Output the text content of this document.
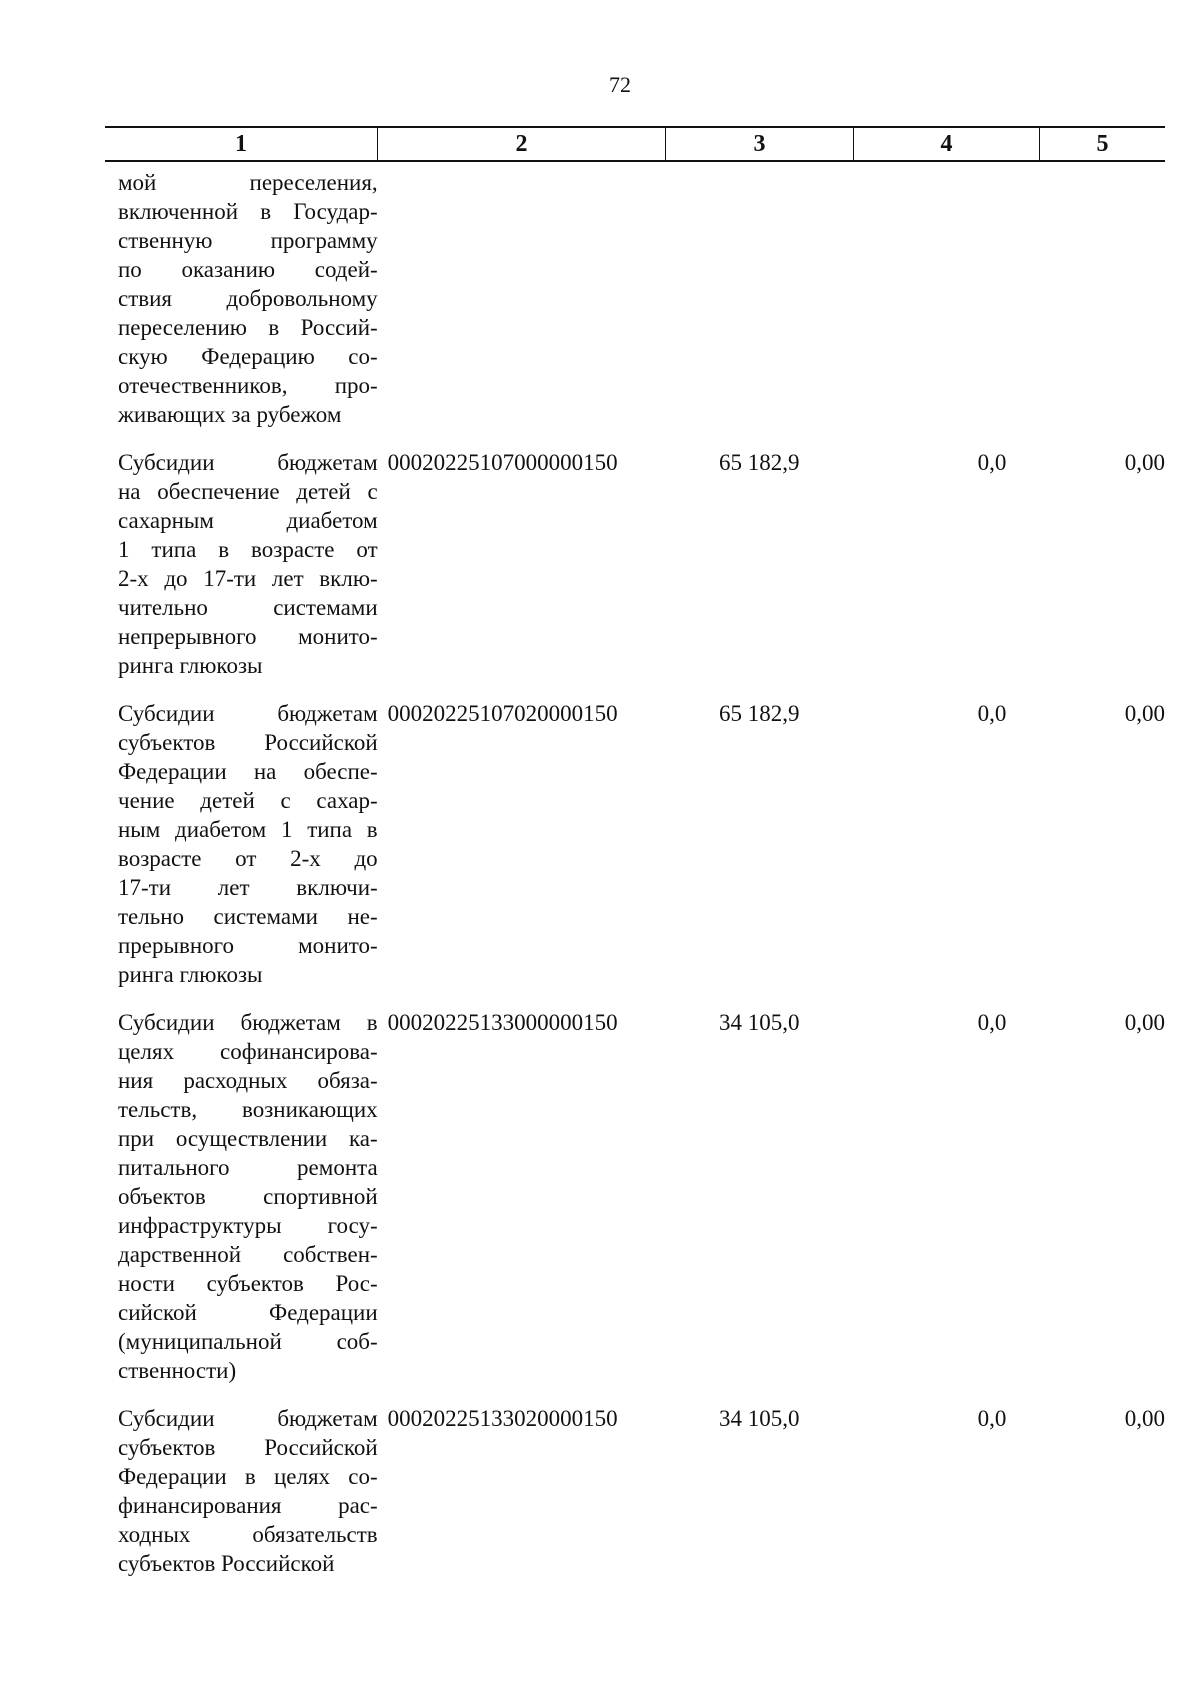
72
1	2	3	4	5
мой переселения,
включенной в Государ-
ственную программу
по оказанию содей-
ствия добровольному
переселению в Россий-
скую Федерацию со-
отечественников, про-
живающих за рубежом
Субсидии бюджетам
на обеспечение детей с
сахарным диабетом
1 типа в возрасте от
2-х до 17-ти лет вклю-
чительно системами
непрерывного монито-
ринга глюкозы
00020225107000000150	65 182,9	0,0	0,00
Субсидии бюджетам
субъектов Российской
Федерации на обеспе-
чение детей с сахар-
ным диабетом 1 типа в
возрасте от 2-х до
17-ти лет включи-
тельно системами не-
прерывного монито-
ринга глюкозы
00020225107020000150	65 182,9	0,0	0,00
Субсидии бюджетам в
целях софинансирова-
ния расходных обяза-
тельств, возникающих
при осуществлении ка-
питального ремонта
объектов спортивной
инфраструктуры госу-
дарственной собствен-
ности субъектов Рос-
сийской Федерации
(муниципальной соб-
ственности)
00020225133000000150	34 105,0	0,0	0,00
Субсидии бюджетам
субъектов Российской
Федерации в целях со-
финансирования рас-
ходных обязательств
субъектов Российской
00020225133020000150	34 105,0	0,0	0,00
